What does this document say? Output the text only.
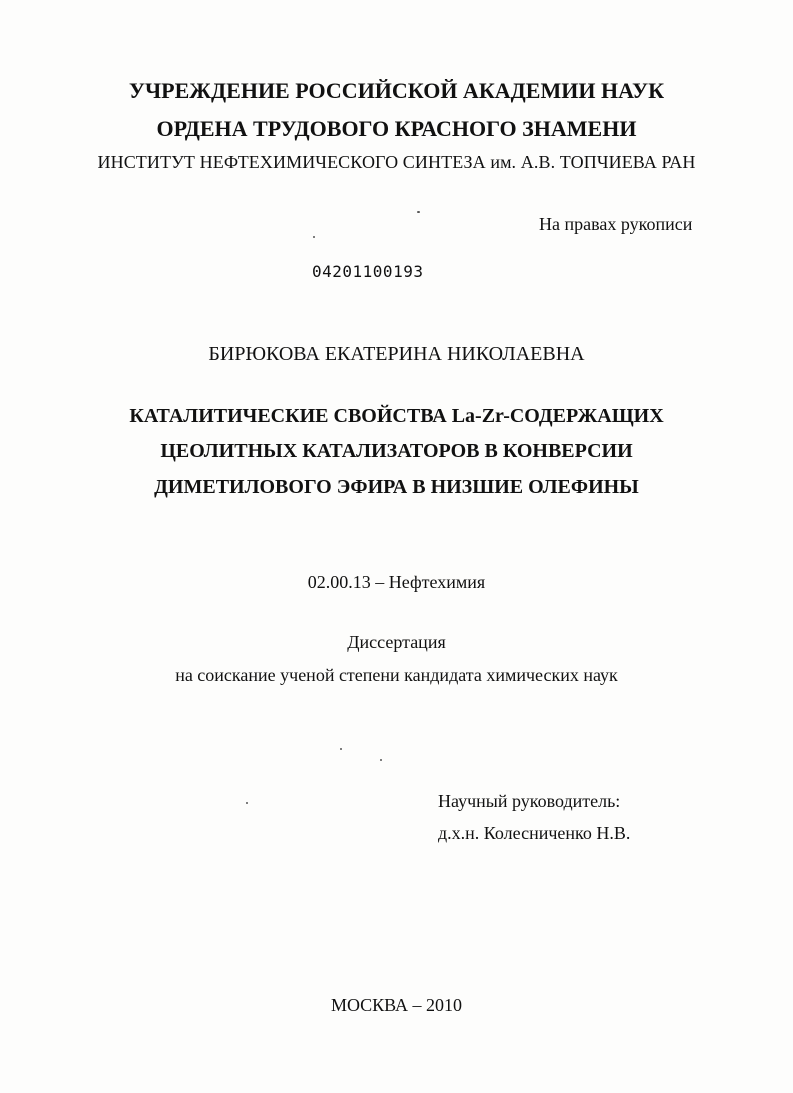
УЧРЕЖДЕНИЕ РОССИЙСКОЙ АКАДЕМИИ НАУК
ОРДЕНА ТРУДОВОГО КРАСНОГО ЗНАМЕНИ
ИНСТИТУТ НЕФТЕХИМИЧЕСКОГО СИНТЕЗА им. А.В. ТОПЧИЕВА РАН
На правах рукописи
04201100193
БИРЮКОВА ЕКАТЕРИНА НИКОЛАЕВНА
КАТАЛИТИЧЕСКИЕ СВОЙСТВА La-Zr-СОДЕРЖАЩИХ
ЦЕОЛИТНЫХ КАТАЛИЗАТОРОВ В КОНВЕРСИИ
ДИМЕТИЛОВОГО ЭФИРА В НИЗШИЕ ОЛЕФИНЫ
02.00.13 – Нефтехимия
Диссертация
на соискание ученой степени кандидата химических наук
Научный руководитель:
д.х.н. Колесниченко Н.В.
МОСКВА – 2010
